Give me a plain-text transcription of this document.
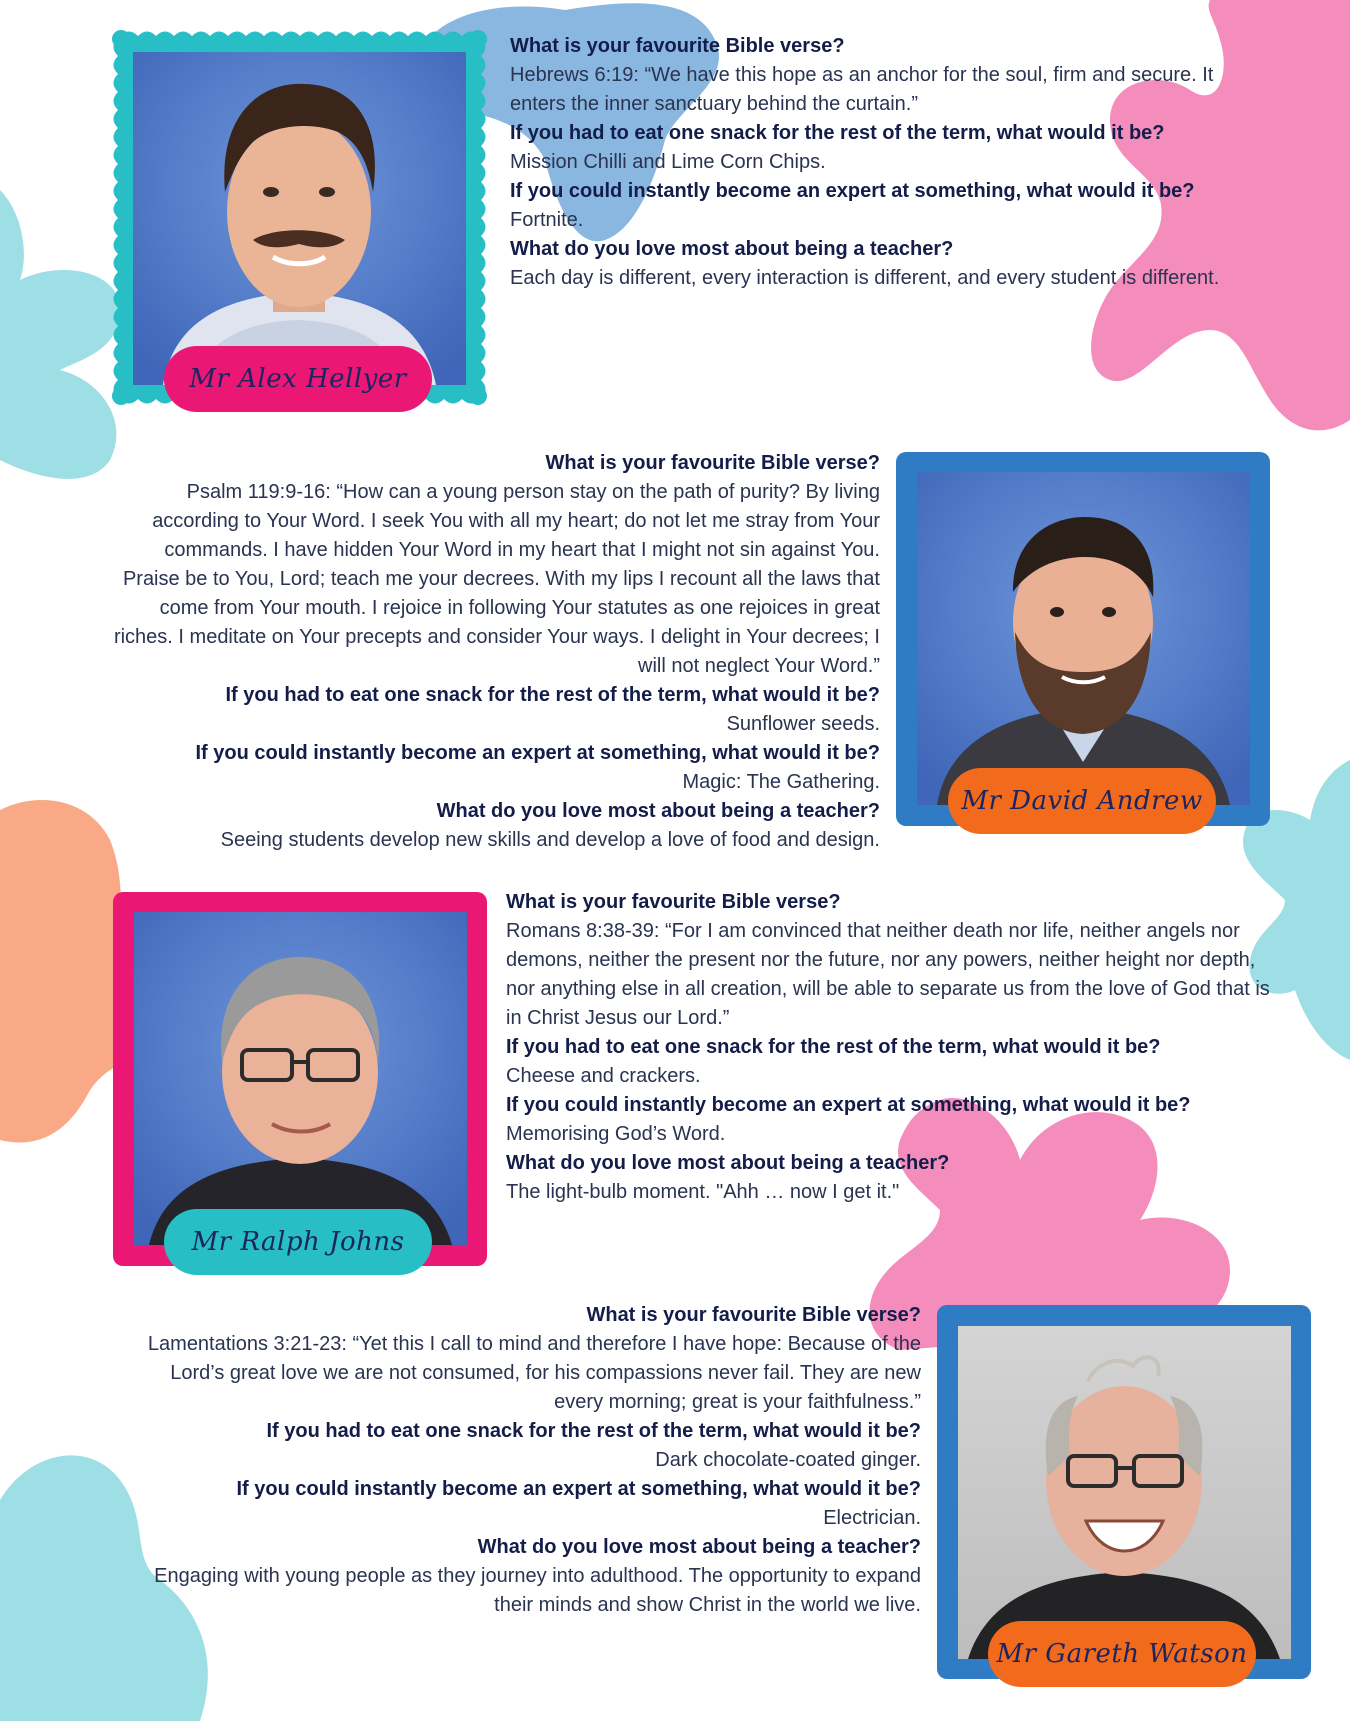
Mr Alex Hellyer
What is your favourite Bible verse?
Hebrews 6:19: “We have this hope as an anchor for the soul, firm and secure. It enters the inner sanctuary behind the curtain.”
If you had to eat one snack for the rest of the term, what would it be?
Mission Chilli and Lime Corn Chips.
If you could instantly become an expert at something, what would it be?
Fortnite.
What do you love most about being a teacher?
Each day is different, every interaction is different, and every student is different.
Mr David Andrew
What is your favourite Bible verse?
Psalm 119:9-16: “How can a young person stay on the path of purity? By living according to Your Word. I seek You with all my heart; do not let me stray from Your commands. I have hidden Your Word in my heart that I might not sin against You. Praise be to You, Lord; teach me your decrees. With my lips I recount all the laws that come from Your mouth. I rejoice in following Your statutes as one rejoices in great riches. I meditate on Your precepts and consider Your ways. I delight in Your decrees; I will not neglect Your Word.”
If you had to eat one snack for the rest of the term, what would it be?
Sunflower seeds.
If you could instantly become an expert at something, what would it be?
Magic: The Gathering.
What do you love most about being a teacher?
Seeing students develop new skills and develop a love of food and design.
Mr Ralph Johns
What is your favourite Bible verse?
Romans 8:38-39: “For I am convinced that neither death nor life, neither angels nor demons, neither the present nor the future, nor any powers, neither height nor depth, nor anything else in all creation, will be able to separate us from the love of God that is in Christ Jesus our Lord.”
If you had to eat one snack for the rest of the term, what would it be?
Cheese and crackers.
If you could instantly become an expert at something, what would it be?
Memorising God’s Word.
What do you love most about being a teacher?
The light-bulb moment. "Ahh … now I get it."
Mr Gareth Watson
What is your favourite Bible verse?
Lamentations 3:21-23: “Yet this I call to mind and therefore I have hope: Because of the Lord’s great love we are not consumed, for his compassions never fail. They are new every morning; great is your faithfulness.”
If you had to eat one snack for the rest of the term, what would it be?
Dark chocolate-coated ginger.
If you could instantly become an expert at something, what would it be?
Electrician.
What do you love most about being a teacher?
Engaging with young people as they journey into adulthood. The opportunity to expand their minds and show Christ in the world we live.
